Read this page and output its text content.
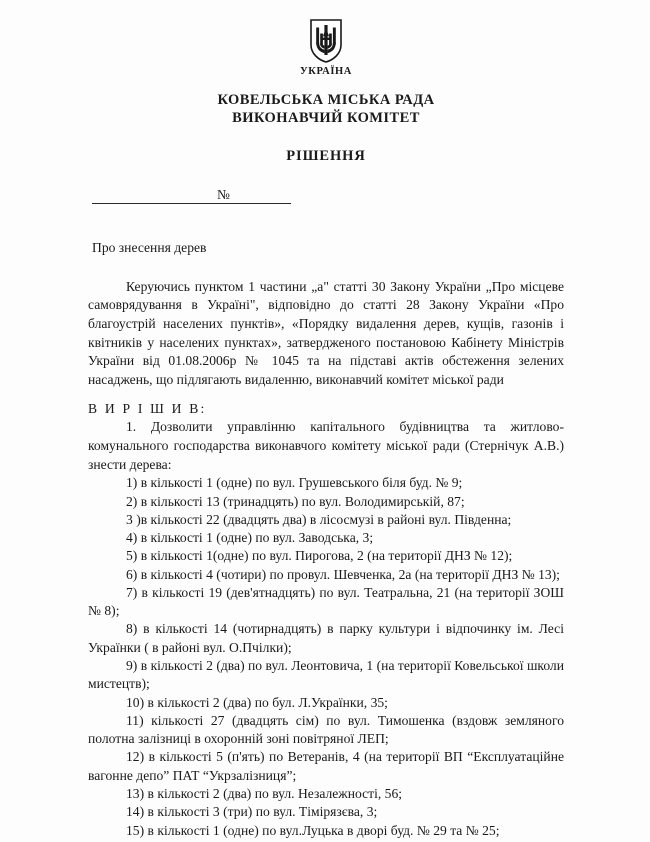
УКРАЇНА
КОВЕЛЬСЬКА МІСЬКА РАДА
ВИКОНАВЧИЙ КОМІТЕТ
РІШЕННЯ
№
Про знесення дерев
Керуючись пунктом 1 частини „а" статті 30 Закону України „Про місцеве самоврядування в Україні", відповідно до статті 28 Закону України «Про благоустрій населених пунктів», «Порядку видалення дерев, кущів, газонів і квітників у населених пунктах», затвердженого постановою Кабінету Міністрів України від 01.08.2006р № 1045 та на підставі актів обстеження зелених насаджень, що підлягають видаленню, виконавчий комітет міської ради
В И Р І Ш И В:
1. Дозволити управлінню капітального будівництва та житлово-комунального господарства виконавчого комітету міської ради (Стернічук А.В.) знести дерева:

1) в кількості 1 (одне) по вул. Грушевського біля буд. № 9;

2) в кількості 13 (тринадцять) по вул. Володимирській, 87;

3 )в кількості 22 (двадцять два) в лісосмузі в районі вул. Південна;

4) в кількості 1 (одне) по вул. Заводська, 3;

5) в кількості 1(одне) по вул. Пирогова, 2 (на території ДНЗ № 12);

6) в кількості 4 (чотири) по провул. Шевченка, 2а (на території ДНЗ № 13);

7) в кількості 19 (дев'ятнадцять) по вул. Театральна, 21 (на території ЗОШ № 8);

8) в кількості 14 (чотирнадцять) в парку культури і відпочинку ім. Лесі Українки ( в районі вул. О.Пчілки);

9) в кількості 2 (два) по вул. Леонтовича, 1 (на території Ковельської школи мистецтв);

10) в кількості 2 (два) по бул. Л.Українки, 35;

11) кількості 27 (двадцять сім) по вул. Тимошенка (вздовж земляного полотна залізниці в охоронній зоні повітряної ЛЕП;

12) в кількості 5 (п'ять) по Ветеранів, 4 (на території ВП “Експлуатаційне вагонне депо” ПАТ “Укрзалізниця”;

13) в кількості 2 (два) по вул. Незалежності, 56;

14) в кількості 3 (три) по вул. Тімірязєва, 3;

15) в кількості 1 (одне) по вул.Луцька в дворі буд. № 29 та № 25;
